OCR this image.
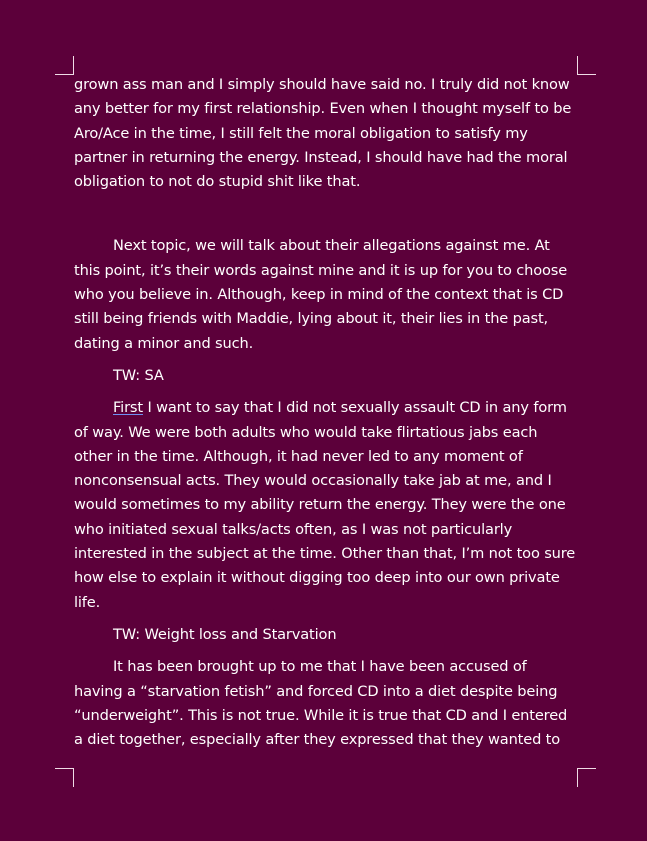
grown ass man and I simply should have said no. I truly did not know any better for my first relationship. Even when I thought myself to be Aro/Ace in the time, I still felt the moral obligation to satisfy my partner in returning the energy. Instead, I should have had the moral obligation to not do stupid shit like that.

Next topic, we will talk about their allegations against me. At this point, it’s their words against mine and it is up for you to choose who you believe in. Although, keep in mind of the context that is CD still being friends with Maddie, lying about it, their lies in the past, dating a minor and such.

TW: SA

First I want to say that I did not sexually assault CD in any form of way. We were both adults who would take flirtatious jabs each other in the time. Although, it had never led to any moment of nonconsensual acts. They would occasionally take jab at me, and I would sometimes to my ability return the energy. They were the one who initiated sexual talks/acts often, as I was not particularly interested in the subject at the time. Other than that, I’m not too sure how else to explain it without digging too deep into our own private life.

TW: Weight loss and Starvation

It has been brought up to me that I have been accused of having a “starvation fetish” and forced CD into a diet despite being “underweight”. This is not true. While it is true that CD and I entered a diet together, especially after they expressed that they wanted to
